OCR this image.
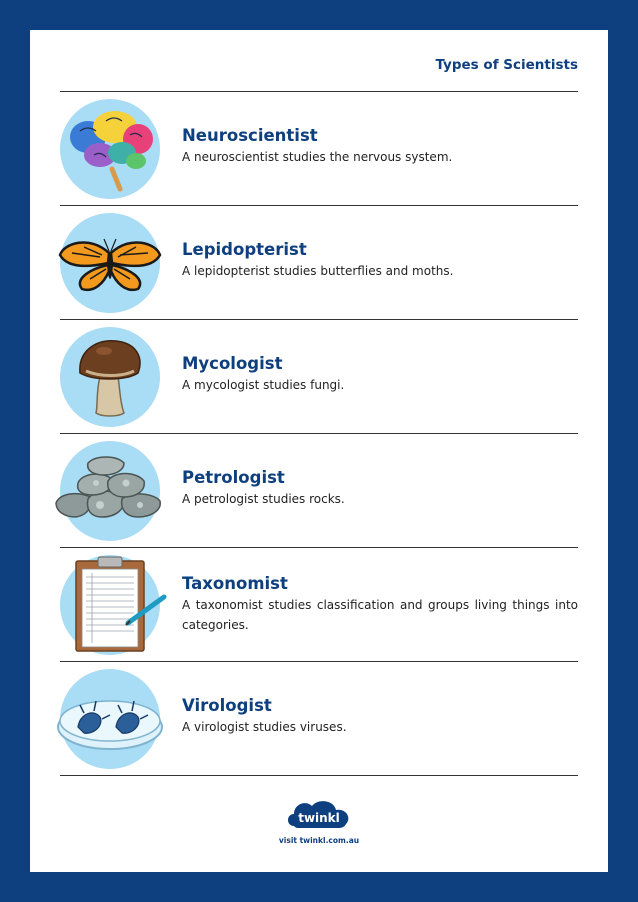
Types of Scientists
Neuroscientist
A neuroscientist studies the nervous system.
Lepidopterist
A lepidopterist studies butterflies and moths.
Mycologist
A mycologist studies fungi.
Petrologist
A petrologist studies rocks.
Taxonomist
A taxonomist studies classification and groups living things into categories.
Virologist
A virologist studies viruses.
twinkl
visit twinkl.com.au
